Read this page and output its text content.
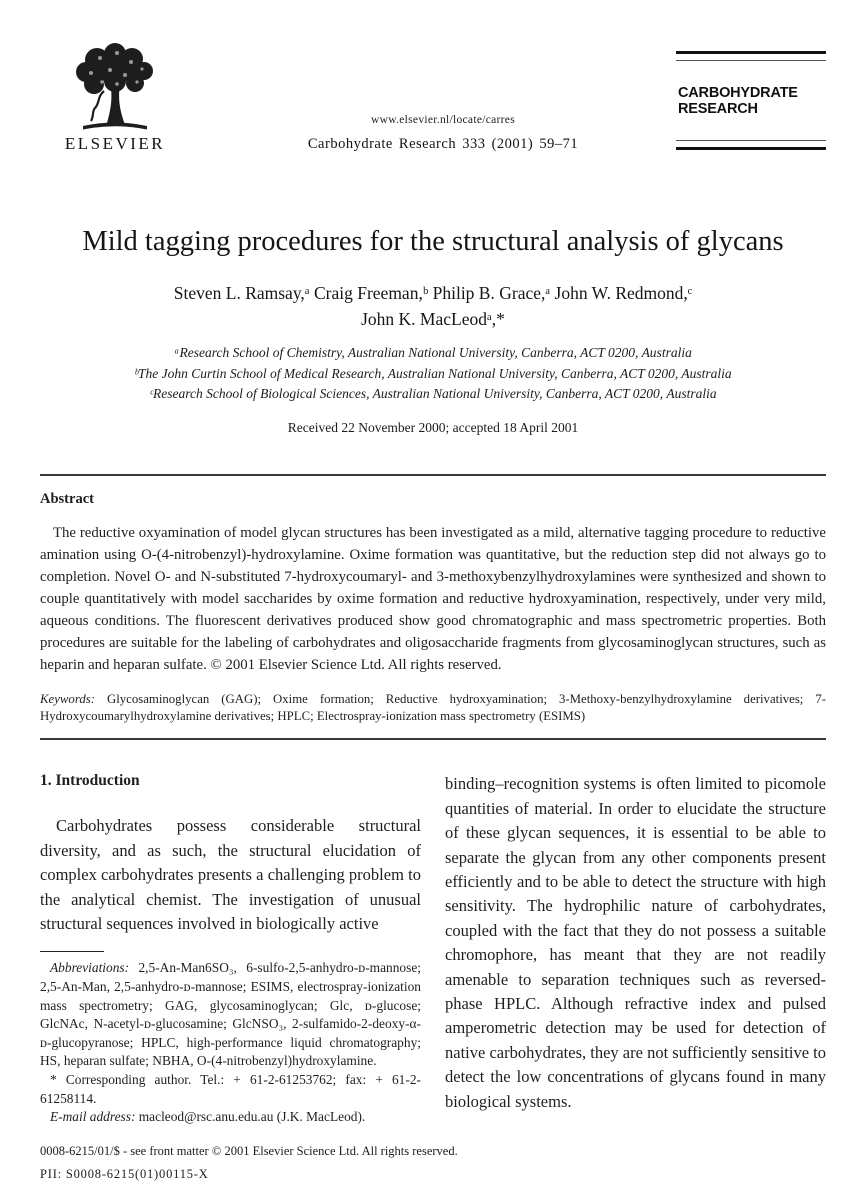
ELSEVIER
www.elsevier.nl/locate/carres
Carbohydrate Research 333 (2001) 59–71
CARBOHYDRATE
RESEARCH
Mild tagging procedures for the structural analysis of glycans
Steven L. Ramsay,ᵃ Craig Freeman,ᵇ Philip B. Grace,ᵃ John W. Redmond,ᶜ
John K. MacLeodᵃ,*
ᵃResearch School of Chemistry, Australian National University, Canberra, ACT 0200, Australia
ᵇThe John Curtin School of Medical Research, Australian National University, Canberra, ACT 0200, Australia
ᶜResearch School of Biological Sciences, Australian National University, Canberra, ACT 0200, Australia
Received 22 November 2000; accepted 18 April 2001
Abstract

The reductive oxyamination of model glycan structures has been investigated as a mild, alternative tagging procedure to reductive amination using O-(4-nitrobenzyl)-hydroxylamine. Oxime formation was quantitative, but the reduction step did not always go to completion. Novel O- and N-substituted 7-hydroxycoumaryl- and 3-methoxybenzylhydroxylamines were synthesized and shown to couple quantitatively with model saccharides by oxime formation and reductive hydroxyamination, respectively, under very mild, aqueous conditions. The fluorescent derivatives produced show good chromatographic and mass spectrometric properties. Both procedures are suitable for the labeling of carbohydrates and oligosaccharide fragments from glycosaminoglycan structures, such as heparin and heparan sulfate. © 2001 Elsevier Science Ltd. All rights reserved.

Keywords: Glycosaminoglycan (GAG); Oxime formation; Reductive hydroxyamination; 3-Methoxy-benzylhydroxylamine derivatives; 7-Hydroxycoumarylhydroxylamine derivatives; HPLC; Electrospray-ionization mass spectrometry (ESIMS)

1. Introduction

Carbohydrates possess considerable structural diversity, and as such, the structural elucidation of complex carbohydrates presents a challenging problem to the analytical chemist. The investigation of unusual structural sequences involved in biologically active

Abbreviations: 2,5-An-Man6SO₃, 6-sulfo-2,5-anhydro-ᴅ-mannose; 2,5-An-Man, 2,5-anhydro-ᴅ-mannose; ESIMS, electrospray-ionization mass spectrometry; GAG, glycosaminoglycan; Glc, ᴅ-glucose; GlcNAc, N-acetyl-ᴅ-glucosamine; GlcNSO₃, 2-sulfamido-2-deoxy-α-ᴅ-glucopyranose; HPLC, high-performance liquid chromatography; HS, heparan sulfate; NBHA, O-(4-nitrobenzyl)hydroxylamine.

* Corresponding author. Tel.: + 61-2-61253762; fax: + 61-2-61258114.

E-mail address: macleod@rsc.anu.edu.au (J.K. MacLeod).

binding–recognition systems is often limited to picomole quantities of material. In order to elucidate the structure of these glycan sequences, it is essential to be able to separate the glycan from any other components present efficiently and to be able to detect the structure with high sensitivity. The hydrophilic nature of carbohydrates, coupled with the fact that they do not possess a suitable chromophore, has meant that they are not readily amenable to separation techniques such as reversed-phase HPLC. Although refractive index and pulsed amperometric detection may be used for detection of native carbohydrates, they are not sufficiently sensitive to detect the low concentrations of glycans found in many biological systems.

0008-6215/01/$ - see front matter © 2001 Elsevier Science Ltd. All rights reserved.
PII: S0008-6215(01)00115-X
